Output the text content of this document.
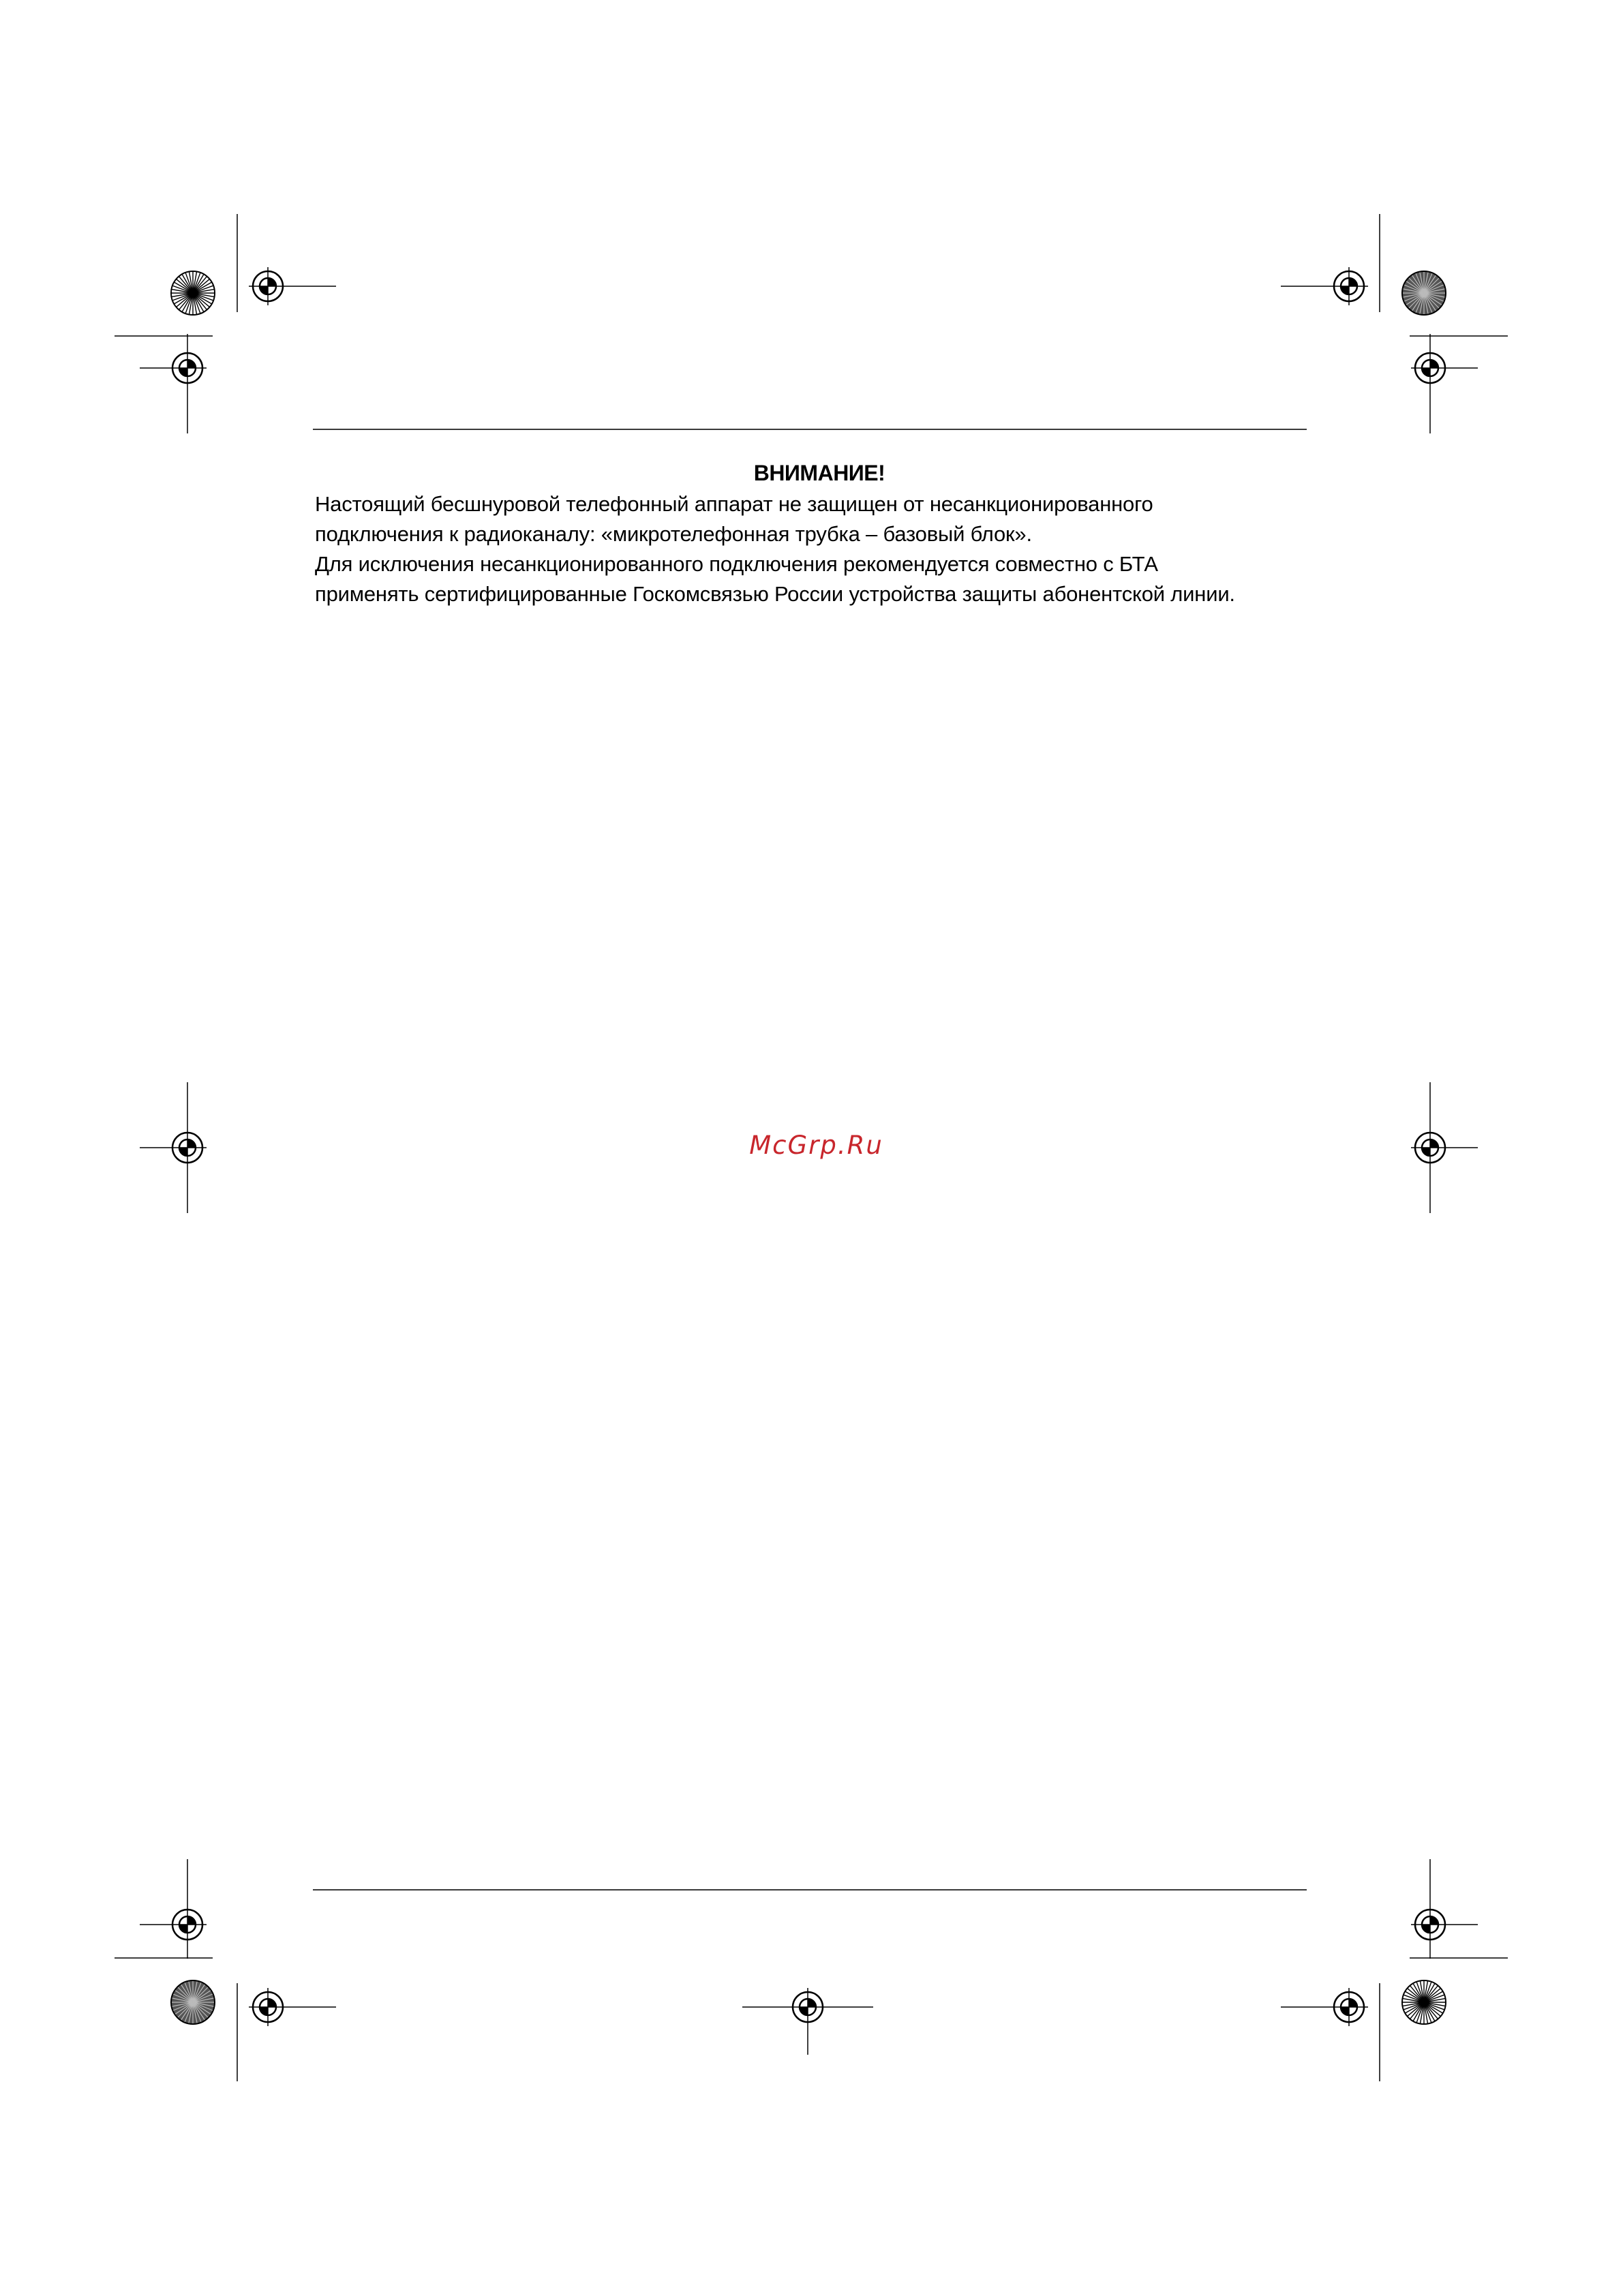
ВНИМАНИЕ!

Настоящий бесшнуровой телефонный аппарат не защищен от несанкционированного

подключения к радиоканалу: «микротелефонная трубка – базовый блок».

Для исключения несанкционированного подключения рекомендуется совместно с БТА

применять сертифицированные Госкомсвязью России устройства защиты абонентской линии.

McGrp.Ru
